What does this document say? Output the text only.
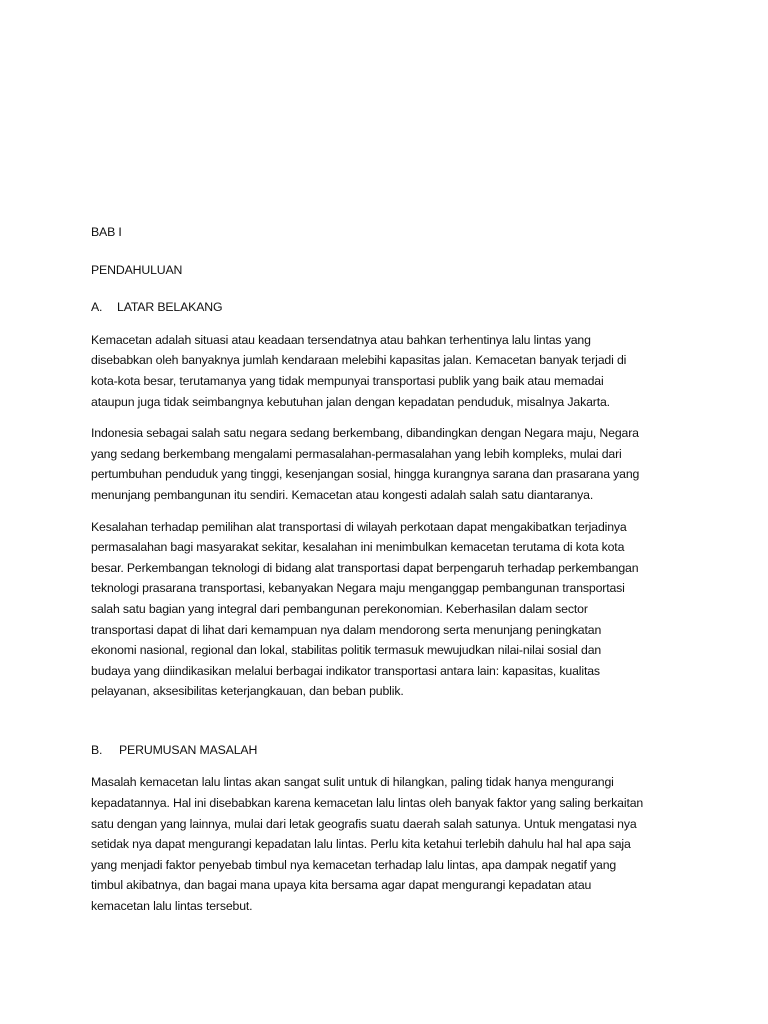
BAB I
PENDAHULUAN
A.	LATAR BELAKANG
Kemacetan adalah situasi atau keadaan tersendatnya atau bahkan terhentinya lalu lintas yang
disebabkan oleh banyaknya jumlah kendaraan melebihi kapasitas jalan. Kemacetan banyak terjadi di
kota-kota besar, terutamanya yang tidak mempunyai transportasi publik yang baik atau memadai
ataupun juga tidak seimbangnya kebutuhan jalan dengan kepadatan penduduk, misalnya Jakarta.
Indonesia sebagai salah satu negara sedang berkembang, dibandingkan dengan Negara maju, Negara
yang sedang berkembang mengalami permasalahan-permasalahan yang lebih kompleks, mulai dari
pertumbuhan penduduk yang tinggi, kesenjangan sosial, hingga kurangnya sarana dan prasarana yang
menunjang pembangunan itu sendiri. Kemacetan atau kongesti adalah salah satu diantaranya.
Kesalahan terhadap pemilihan alat transportasi di wilayah perkotaan dapat mengakibatkan terjadinya
permasalahan bagi masyarakat sekitar, kesalahan ini menimbulkan kemacetan terutama di kota kota
besar. Perkembangan teknologi di bidang alat transportasi dapat berpengaruh terhadap perkembangan
teknologi prasarana transportasi, kebanyakan Negara maju menganggap pembangunan transportasi
salah satu bagian yang integral dari pembangunan perekonomian. Keberhasilan dalam sector
transportasi dapat di lihat dari kemampuan nya dalam mendorong serta menunjang peningkatan
ekonomi nasional, regional dan lokal, stabilitas politik termasuk mewujudkan nilai-nilai sosial dan
budaya yang diindikasikan melalui berbagai indikator transportasi antara lain: kapasitas, kualitas
pelayanan, aksesibilitas keterjangkauan, dan beban publik.
B.	PERUMUSAN MASALAH
Masalah kemacetan lalu lintas akan sangat sulit untuk di hilangkan, paling tidak hanya mengurangi
kepadatannya. Hal ini disebabkan karena kemacetan lalu lintas oleh banyak faktor yang saling berkaitan
satu dengan yang lainnya, mulai dari letak geografis suatu daerah salah satunya. Untuk mengatasi nya
setidak nya dapat mengurangi kepadatan lalu lintas. Perlu kita ketahui terlebih dahulu hal hal apa saja
yang menjadi faktor penyebab timbul nya kemacetan terhadap lalu lintas, apa dampak negatif yang
timbul akibatnya, dan bagai mana upaya kita bersama agar dapat mengurangi kepadatan atau
kemacetan lalu lintas tersebut.
